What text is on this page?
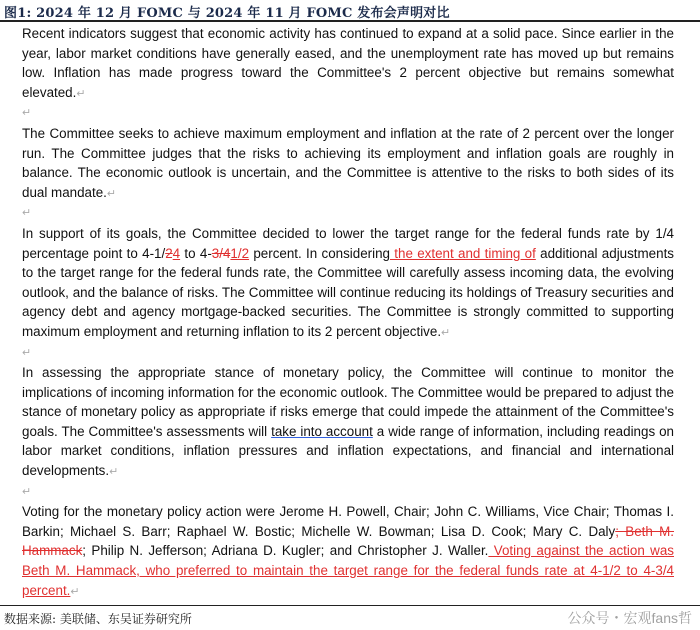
图1: 2024 年 12 月 FOMC 与 2024 年 11 月 FOMC 发布会声明对比

Recent indicators suggest that economic activity has continued to expand at a solid pace. Since earlier in the year, labor market conditions have generally eased, and the unemployment rate has moved up but remains low. Inflation has made progress toward the Committee's 2 percent objective but remains somewhat elevated.↵

↵

The Committee seeks to achieve maximum employment and inflation at the rate of 2 percent over the longer run. The Committee judges that the risks to achieving its employment and inflation goals are roughly in balance. The economic outlook is uncertain, and the Committee is attentive to the risks to both sides of its dual mandate.↵

↵

In support of its goals, the Committee decided to lower the target range for the federal funds rate by 1/4 percentage point to 4-1/24 to 4-3/41/2 percent. In considering the extent and timing of additional adjustments to the target range for the federal funds rate, the Committee will carefully assess incoming data, the evolving outlook, and the balance of risks. The Committee will continue reducing its holdings of Treasury securities and agency debt and agency mortgage‑backed securities. The Committee is strongly committed to supporting maximum employment and returning inflation to its 2 percent objective.↵

↵

In assessing the appropriate stance of monetary policy, the Committee will continue to monitor the implications of incoming information for the economic outlook. The Committee would be prepared to adjust the stance of monetary policy as appropriate if risks emerge that could impede the attainment of the Committee's goals. The Committee's assessments will take into account a wide range of information, including readings on labor market conditions, inflation pressures and inflation expectations, and financial and international developments.↵

↵

Voting for the monetary policy action were Jerome H. Powell, Chair; John C. Williams, Vice Chair; Thomas I. Barkin; Michael S. Barr; Raphael W. Bostic; Michelle W. Bowman; Lisa D. Cook; Mary C. Daly; Beth M. Hammack; Philip N. Jefferson; Adriana D. Kugler; and Christopher J. Waller. Voting against the action was Beth M. Hammack, who preferred to maintain the target range for the federal funds rate at 4-1/2 to 4-3/4 percent.↵

数据来源: 美联储、东吴证券研究所	公众号・宏观fans哲
